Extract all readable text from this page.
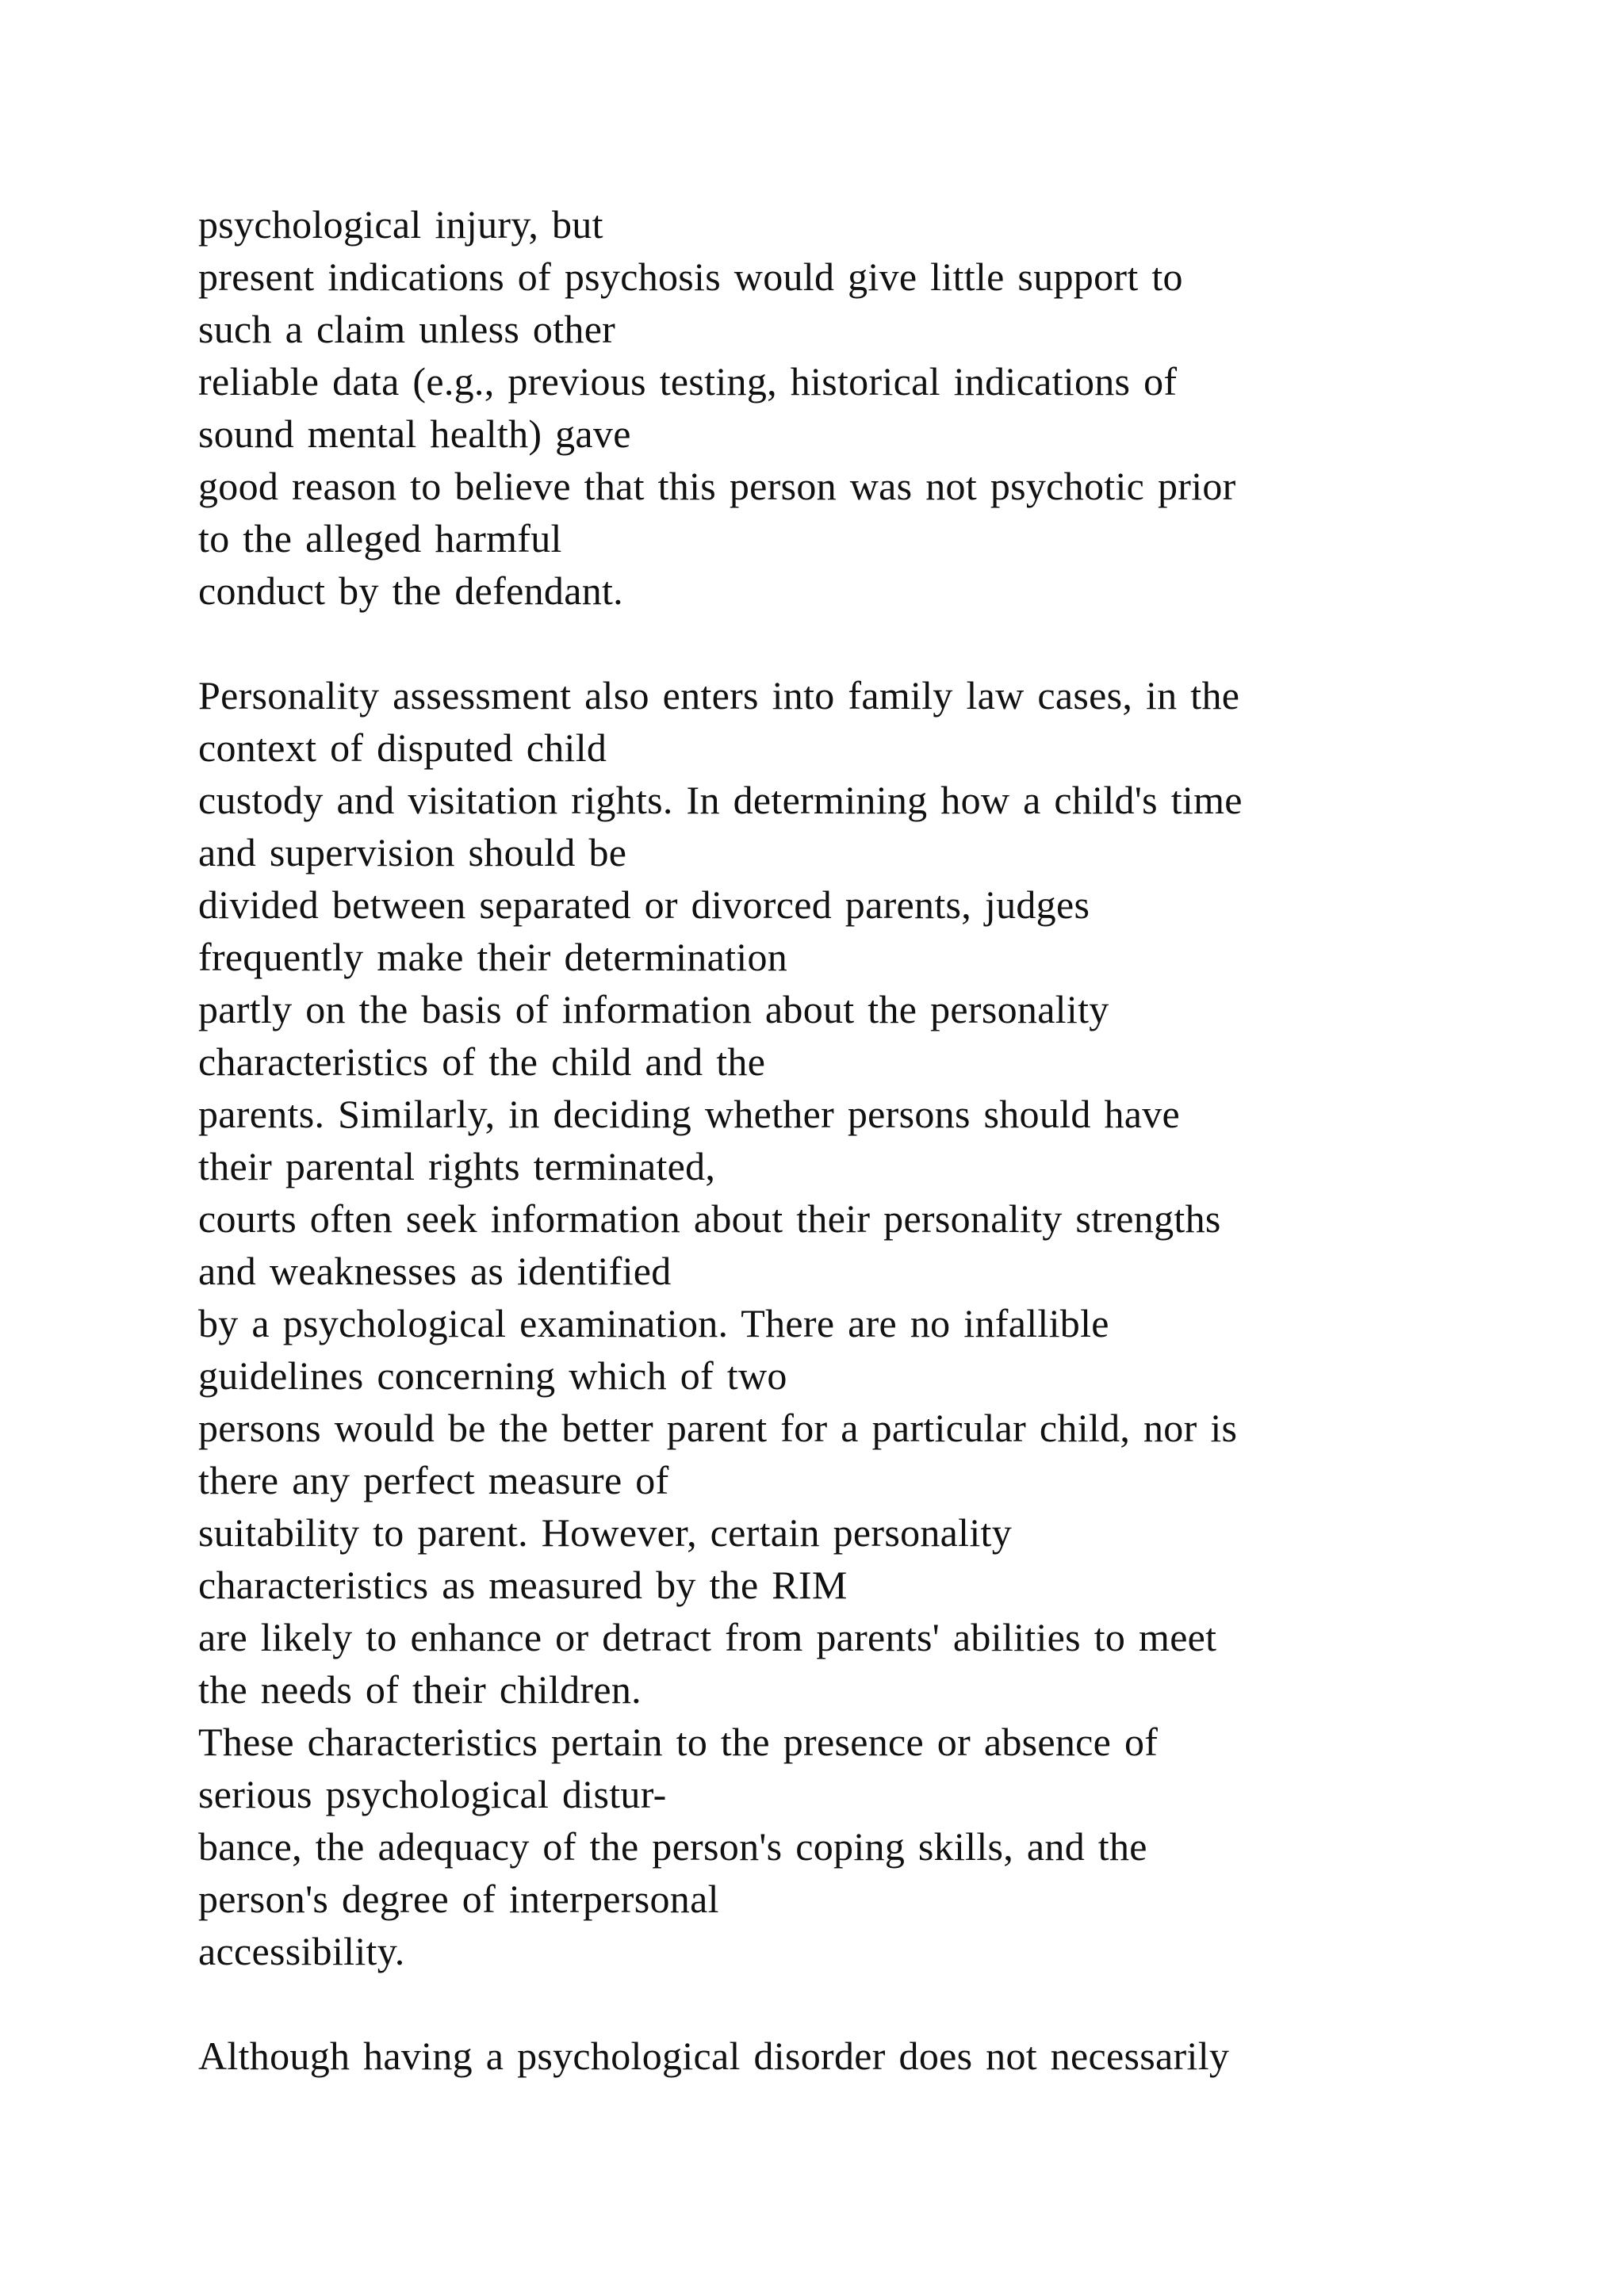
psychological injury, but
present indications of psychosis would give little support to
such a claim unless other
reliable data (e.g., previous testing, historical indications of
sound mental health) gave
good reason to believe that this person was not psychotic prior
to the alleged harmful
conduct by the defendant.
Personality assessment also enters into family law cases, in the
context of disputed child
custody and visitation rights. In determining how a child's time
and supervision should be
divided between separated or divorced parents, judges
frequently make their determination
partly on the basis of information about the personality
characteristics of the child and the
parents. Similarly, in deciding whether persons should have
their parental rights terminated,
courts often seek information about their personality strengths
and weaknesses as identified
by a psychological examination. There are no infallible
guidelines concerning which of two
persons would be the better parent for a particular child, nor is
there any perfect measure of
suitability to parent. However, certain personality
characteristics as measured by the RIM
are likely to enhance or detract from parents' abilities to meet
the needs of their children.
These characteristics pertain to the presence or absence of
serious psychological distur-
bance, the adequacy of the person's coping skills, and the
person's degree of interpersonal
accessibility.
Although having a psychological disorder does not necessarily
